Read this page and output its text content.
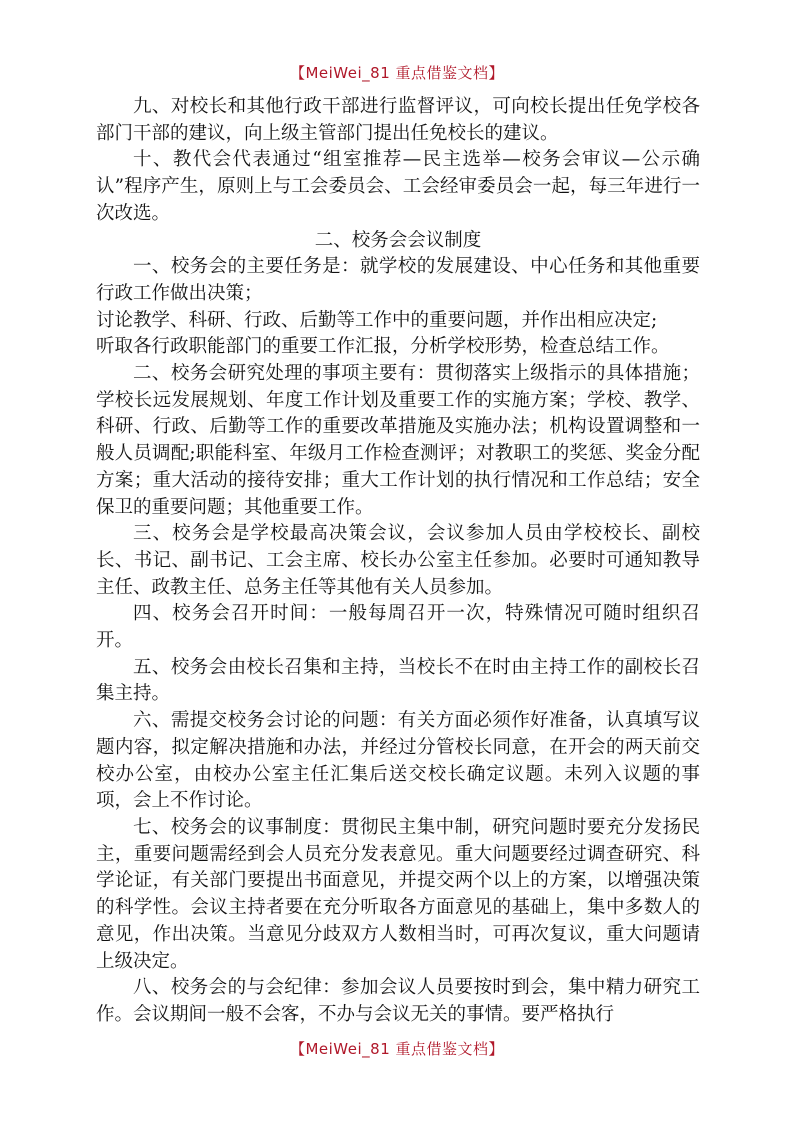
【MeiWei_81 重点借鉴文档】

九、对校长和其他行政干部进行监督评议，可向校长提出任免学校各部门干部的建议，向上级主管部门提出任免校长的建议。

十、教代会代表通过“组室推荐—民主选举—校务会审议—公示确认”程序产生，原则上与工会委员会、工会经审委员会一起，每三年进行一次改选。

二、校务会会议制度

一、校务会的主要任务是：就学校的发展建设、中心任务和其他重要行政工作做出决策；

讨论教学、科研、行政、后勤等工作中的重要问题，并作出相应决定;

听取各行政职能部门的重要工作汇报，分析学校形势，检查总结工作。

二、校务会研究处理的事项主要有：贯彻落实上级指示的具体措施；学校长远发展规划、年度工作计划及重要工作的实施方案；学校、教学、科研、行政、后勤等工作的重要改革措施及实施办法；机构设置调整和一般人员调配;职能科室、年级月工作检查测评；对教职工的奖惩、奖金分配方案；重大活动的接待安排；重大工作计划的执行情况和工作总结；安全保卫的重要问题；其他重要工作。

三、校务会是学校最高决策会议，会议参加人员由学校校长、副校长、书记、副书记、工会主席、校长办公室主任参加。必要时可通知教导主任、政教主任、总务主任等其他有关人员参加。

四、校务会召开时间：一般每周召开一次，特殊情况可随时组织召开。

五、校务会由校长召集和主持，当校长不在时由主持工作的副校长召集主持。

六、需提交校务会讨论的问题：有关方面必须作好准备，认真填写议题内容，拟定解决措施和办法，并经过分管校长同意，在开会的两天前交校办公室，由校办公室主任汇集后送交校长确定议题。未列入议题的事项，会上不作讨论。

七、校务会的议事制度：贯彻民主集中制，研究问题时要充分发扬民主，重要问题需经到会人员充分发表意见。重大问题要经过调查研究、科学论证，有关部门要提出书面意见，并提交两个以上的方案，以增强决策的科学性。会议主持者要在充分听取各方面意见的基础上，集中多数人的意见，作出决策。当意见分歧双方人数相当时，可再次复议，重大问题请上级决定。

八、校务会的与会纪律：参加会议人员要按时到会，集中精力研究工作。会议期间一般不会客，不办与会议无关的事情。要严格执行

【MeiWei_81 重点借鉴文档】
